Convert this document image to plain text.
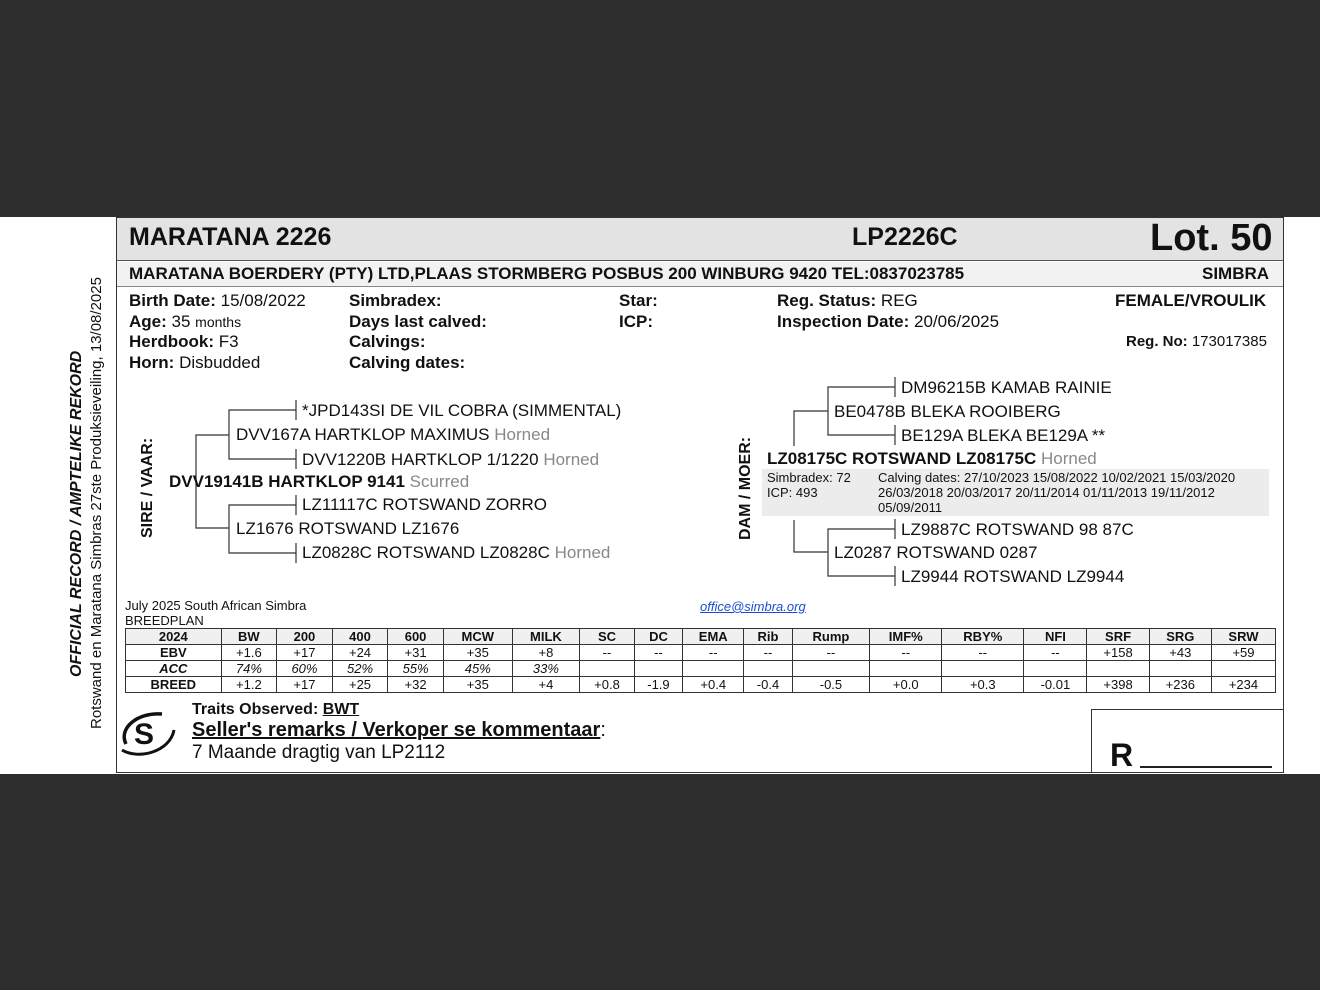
OFFICIAL RECORD / AMPTELIKE REKORD Rotswand en Maratana Simbras 27ste Produksieveiling, 13/08/2025
MARATANA 2226	LP2226C	Lot. 50
MARATANA BOERDERY (PTY) LTD,PLAAS STORMBERG POSBUS 200 WINBURG 9420 TEL:0837023785	SIMBRA
Birth Date: 15/08/2022
Age: 35 months
Herdbook: F3
Horn: Disbudded
Simbradex:
Days last calved:
Calvings:
Calving dates:
Star:
ICP:
Reg. Status: REG
Inspection Date: 20/06/2025
FEMALE/VROULIK
Reg. No: 173017385
SIRE / VAAR:	DAM / MOER:
*JPD143SI DE VIL COBRA (SIMMENTAL)
DVV167A HARTKLOP MAXIMUS Horned
DVV1220B HARTKLOP 1/1220 Horned
DVV19141B HARTKLOP 9141 Scurred
LZ11117C ROTSWAND ZORRO
LZ1676 ROTSWAND LZ1676
LZ0828C ROTSWAND LZ0828C Horned
DM96215B KAMAB RAINIE
BE0478B BLEKA ROOIBERG
BE129A BLEKA BE129A **
LZ08175C ROTSWAND LZ08175C Horned
Simbradex: 72
ICP: 493
Calving dates: 27/10/2023 15/08/2022 10/02/2021 15/03/2020
26/03/2018 20/03/2017 20/11/2014 01/11/2013 19/11/2012
05/09/2011
LZ9887C ROTSWAND 98 87C
LZ0287 ROTSWAND 0287
LZ9944 ROTSWAND LZ9944
July 2025 South African Simbra
BREEDPLAN
office@simbra.org
2024	BW	200	400	600	MCW	MILK	SC	DC	EMA	Rib	Rump	IMF%	RBY%	NFI	SRF	SRG	SRW
EBV	+1.6	+17	+24	+31	+35	+8	--	--	--	--	--	--	--	--	+158	+43	+59
ACC	74%	60%	52%	55%	45%	33%											
BREED	+1.2	+17	+25	+32	+35	+4	+0.8	-1.9	+0.4	-0.4	-0.5	+0.0	+0.3	-0.01	+398	+236	+234
S
Traits Observed: BWT
Seller's remarks / Verkoper se kommentaar:
7 Maande dragtig van LP2112	R
